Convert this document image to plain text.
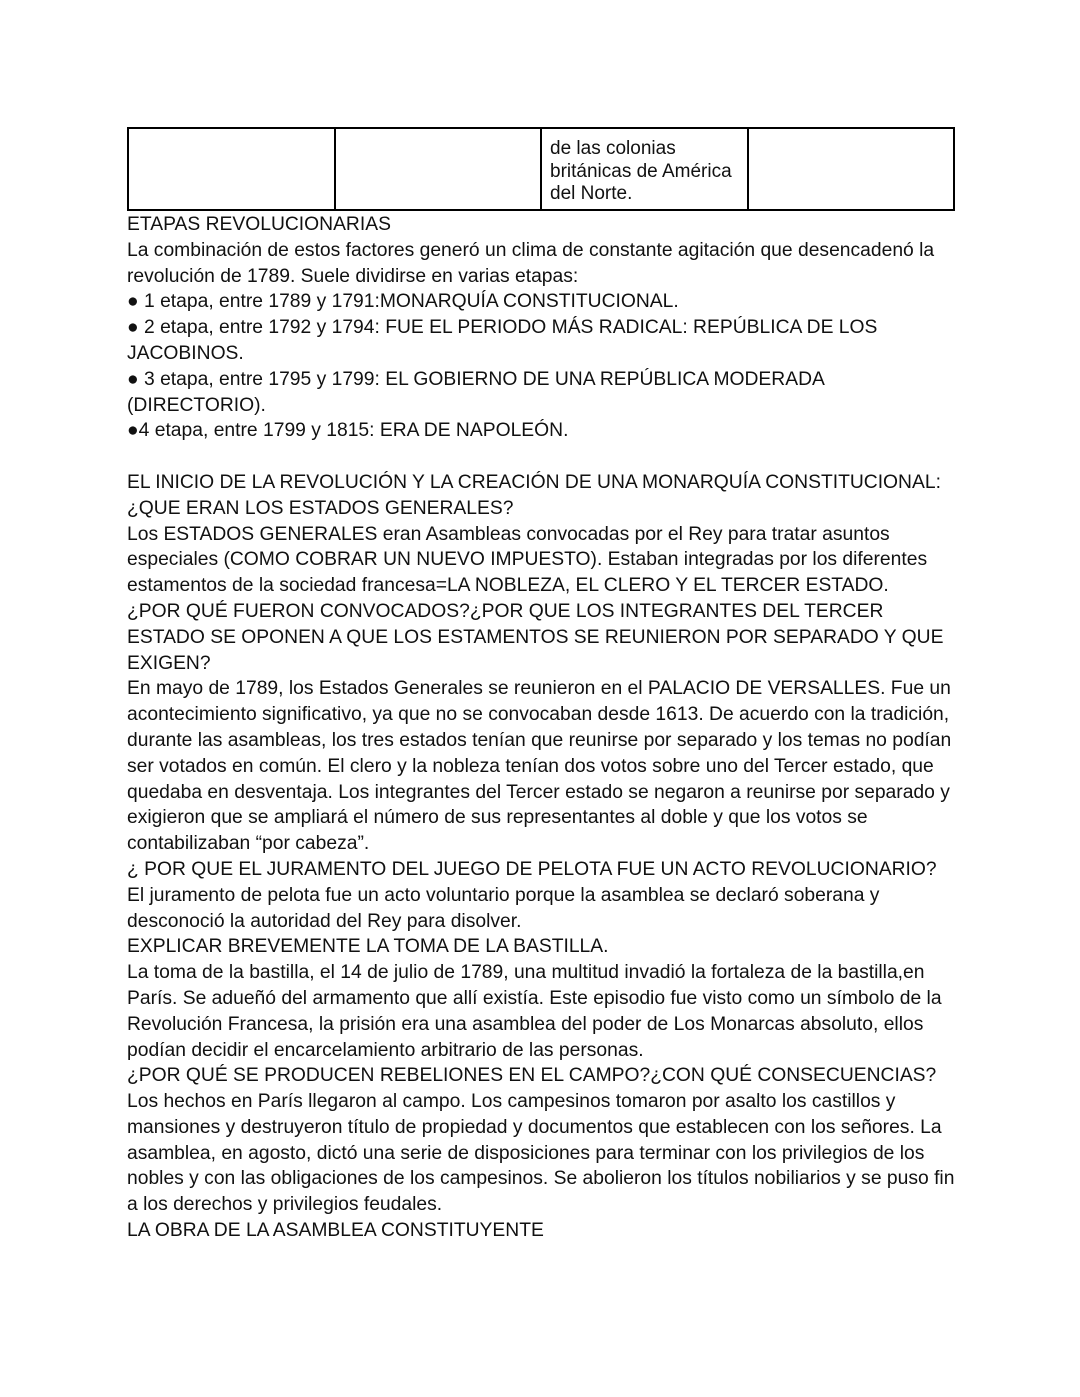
		de las colonias británicas de América del Norte.	

ETAPAS REVOLUCIONARIAS

La combinación de estos factores generó un clima de constante agitación que desencadenó la revolución de 1789. Suele dividirse en varias etapas:

● 1 etapa, entre 1789 y 1791:MONARQUÍA CONSTITUCIONAL.

● 2 etapa, entre 1792 y 1794: FUE EL PERIODO MÁS RADICAL: REPÚBLICA DE LOS JACOBINOS.

● 3 etapa, entre 1795 y 1799: EL GOBIERNO DE UNA REPÚBLICA MODERADA (DIRECTORIO).

●4 etapa, entre 1799 y 1815: ERA DE NAPOLEÓN.

EL INICIO DE LA REVOLUCIÓN Y LA CREACIÓN DE UNA MONARQUÍA CONSTITUCIONAL:

¿QUE ERAN LOS ESTADOS GENERALES?

Los ESTADOS GENERALES eran Asambleas convocadas por el Rey para tratar asuntos especiales (COMO COBRAR UN NUEVO IMPUESTO). Estaban integradas por los diferentes estamentos de la sociedad francesa=LA NOBLEZA, EL CLERO Y EL TERCER ESTADO.

¿POR QUÉ FUERON CONVOCADOS?¿POR QUE LOS INTEGRANTES DEL TERCER ESTADO SE OPONEN A QUE LOS ESTAMENTOS SE REUNIERON POR SEPARADO Y QUE EXIGEN?

En mayo de 1789, los Estados Generales se reunieron en el PALACIO DE VERSALLES. Fue un acontecimiento significativo, ya que no se convocaban desde 1613. De acuerdo con la tradición, durante las asambleas, los tres estados tenían que reunirse por separado y los temas no podían ser votados en común. El clero y la nobleza tenían dos votos sobre uno del Tercer estado, que quedaba en desventaja. Los integrantes del Tercer estado se negaron a reunirse por separado y exigieron que se ampliará el número de sus representantes al doble y que los votos se contabilizaban “por cabeza”.

¿ POR QUE EL JURAMENTO DEL JUEGO DE PELOTA FUE UN ACTO REVOLUCIONARIO?

El juramento de pelota fue un acto voluntario porque la asamblea se declaró soberana y desconoció la autoridad del Rey para disolver.

EXPLICAR BREVEMENTE LA TOMA DE LA BASTILLA.

La toma de la bastilla, el 14 de julio de 1789, una multitud invadió la fortaleza de la bastilla,en París. Se adueñó del armamento que allí existía. Este episodio fue visto como un símbolo de la Revolución Francesa, la prisión era una asamblea del poder de Los Monarcas absoluto, ellos podían decidir el encarcelamiento arbitrario de las personas.

¿POR QUÉ SE PRODUCEN REBELIONES EN EL CAMPO?¿CON QUÉ CONSECUENCIAS?

Los hechos en París llegaron al campo. Los campesinos tomaron por asalto los castillos y mansiones y destruyeron título de propiedad y documentos que establecen con los señores. La asamblea, en agosto, dictó una serie de disposiciones para terminar con los privilegios de los nobles y con las obligaciones de los campesinos. Se abolieron los títulos nobiliarios y se puso fin a los derechos y privilegios feudales.

LA OBRA DE LA ASAMBLEA CONSTITUYENTE
